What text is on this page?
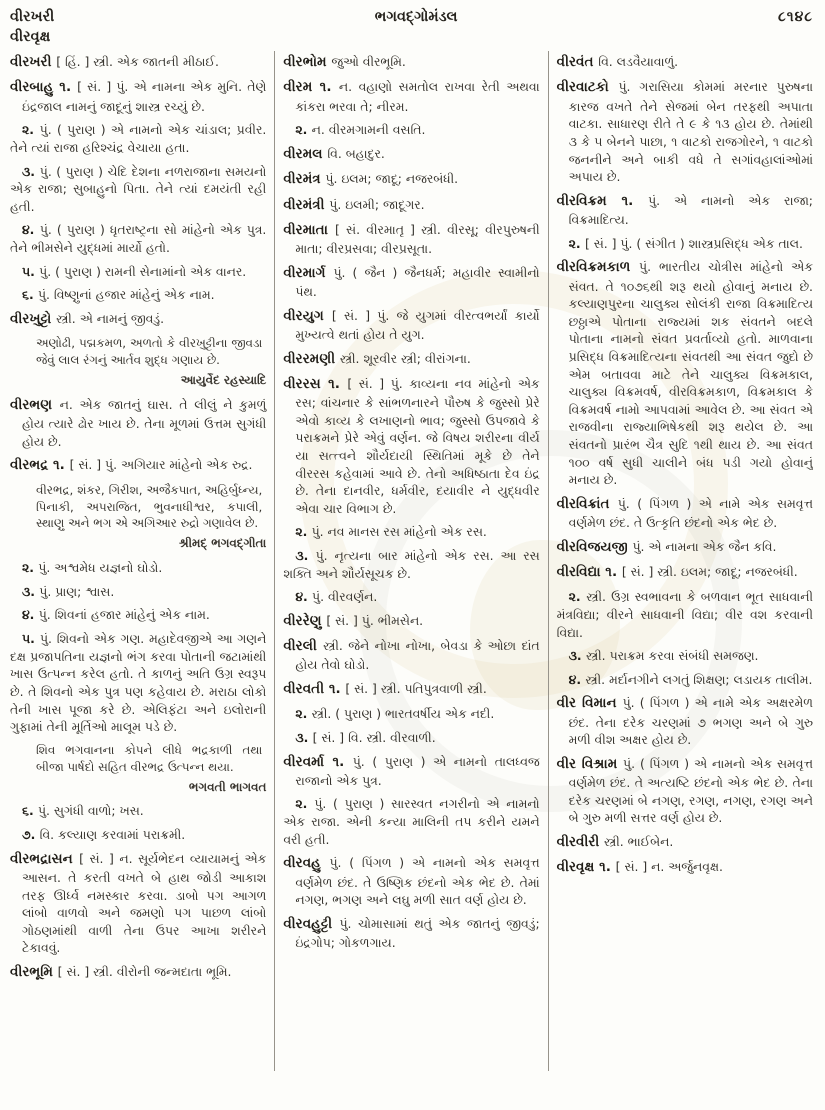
વીરખરી
વીરવૃક્ષ
ભગવદ્ગોમંડલ	૮૧૪૮

વીરખરી [ હિં. ] સ્ત્રી. એક જાતની મીઠાઈ.

વીરબાહુ ૧. [ સં. ] પું. એ નામના એક મુનિ. તેણે ઇંદ્રજાલ નામનું જાદૂનું શાસ્ત્ર રચ્યું છે.

૨. પું. ( પુરાણ ) એ નામનો એક ચાંડાલ; પ્રવીર. તેને ત્યાં રાજા હરિશ્ચંદ્ર વેચાયા હતા.

૩. પું. ( પુરાણ ) ચેદિ દેશના નળરાજાના સમયનો એક રાજા; સુબાહુનો પિતા. તેને ત્યાં દમયંતી રહી હતી.

૪. પું. ( પુરાણ ) ધૃતરાષ્ટ્રના સો માંહેનો એક પુત્ર. તેને ભીમસેને યુદ્ધમાં માર્યો હતો.

૫. પું. ( પુરાણ ) રામની સેનામાંનો એક વાનર.

૬. પું. વિષ્ણુનાં હજાર માંહેનું એક નામ.

વીરખુટ્ટો સ્ત્રી. એ નામનું જીવડું.

અણોઢી, પદ્મકમળ, અળતો કે વીરખુટ્ટીના જીવડા જેવું લાલ રંગનું આર્તવ શુદ્ધ ગણાય છે.

આયુર્વેદ રહસ્યાદિ

વીરભણ ન. એક જાતનું ઘાસ. તે લીલું ને કુમળું હોય ત્યારે ઢોર ખાય છે. તેના મૂળમાં ઉત્તમ સુગંધી હોય છે.

વીરભદ્ર ૧. [ સં. ] પું. અગિયાર માંહેનો એક રુદ્ર.

વીરભદ્ર, શંકર, ગિરીશ, અજૈકપાત, અહિર્બુધ્ન્ય, પિનાકી, અપરાજિત, ભુવનાધીશ્વર, કપાલી, સ્થાણુ અને ભગ એ અગિઆર રુદ્રો ગણાવેલ છે.

શ્રીમદ્ ભગવદ્ગીતા

૨. પું. અશ્વમેધ યજ્ઞનો ઘોડો.

૩. પું. પ્રાણ; શ્વાસ.

૪. પું. શિવનાં હજાર માંહેનું એક નામ.

૫. પું. શિવનો એક ગણ. મહાદેવજીએ આ ગણને દક્ષ પ્રજાપતિના યજ્ઞનો ભંગ કરવા પોતાની જટામાંથી ખાસ ઉત્પન્ન કરેલ હતો. તે કાળનું અતિ ઉગ્ર સ્વરૂપ છે. તે શિવનો એક પુત્ર પણ કહેવાય છે. મરાઠા લોકો તેની ખાસ પૂજા કરે છે. એલિફંટા અને ઇલોરાની ગુફામાં તેની મૂર્તિઓ માલૂમ પડે છે.

શિવ ભગવાનના કોપને લીધે ભદ્રકાળી તથા બીજા પાર્ષદો સહિત વીરભદ્ર ઉત્પન્ન થયા.

ભગવતી ભાગવત

૬. પું. સુગંધી વાળો; ખસ.

૭. વિ. કલ્યાણ કરવામાં પરાક્રમી.

વીરભદ્રાસન [ સં. ] ન. સૂર્યભેદન વ્યાયામનું એક આસન. તે કરતી વખતે બે હાથ જોડી આકાશ તરફ ઊર્ધ્વ નમસ્કાર કરવા. ડાબો પગ આગળ લાંબો વાળવો અને જમણો પગ પાછળ લાંબો ગોઠણમાંથી વાળી તેના ઉપર આખા શરીરને ટેકાવવું.

વીરભૂમિ [ સં. ] સ્ત્રી. વીરોની જન્મદાતા ભૂમિ.

વીરભોમ જુઓ વીરભૂમિ.

વીરમ ૧. ન. વહાણો સમતોલ રાખવા રેતી અથવા કાંકરા ભરવા તે; નીરમ.

૨. ન. વીરમગામની વસતિ.

વીરમલ વિ. બહાદુર.

વીરમંત્ર પું. ઇલમ; જાદૂ; નજરબંધી.

વીરમંત્રી પું. ઇલમી; જાદૂગર.

વીરમાતા [ સં. વીરમાતૃ ] સ્ત્રી. વીરસૂ; વીરપુરુષની માતા; વીરપ્રસવા; વીરપ્રસૂતા.

વીરમાર્ગ પું. ( જૈન ) જૈનધર્મ; મહાવીર સ્વામીનો પંથ.

વીરયુગ [ સં. ] પું. જે યુગમાં વીરત્વભર્યાં કાર્યો મુખ્યત્વે થતાં હોય તે યુગ.

વીરરમણી સ્ત્રી. શૂરવીર સ્ત્રી; વીરાંગના.

વીરરસ ૧. [ સં. ] પું. કાવ્યના નવ માંહેનો એક રસ; વાંચનાર કે સાંભળનારને પૌરુષ કે જુસ્સો પ્રેરે એવો કાવ્ય કે લખાણનો ભાવ; જુસ્સો ઉપજાવે કે પરાક્રમને પ્રેરે એવું વર્ણન. જે વિષય શરીરના વીર્ય યા સત્ત્વને શૌર્યદાયી સ્થિતિમાં મૂકે છે તેને વીરરસ કહેવામાં આવે છે. તેનો અધિષ્ઠાતા દેવ ઇંદ્ર છે. તેના દાનવીર, ધર્મવીર, દયાવીર ને યુદ્ધવીર એવા ચાર વિભાગ છે.

૨. પું. નવ માનસ રસ માંહેનો એક રસ.

૩. પું. નૃત્યના બાર માંહેનો એક રસ. આ રસ શક્તિ અને શૌર્યસૂચક છે.

૪. પું. વીરવર્ણન.

વીરરેણુ [ સં. ] પું. ભીમસેન.

વીરલી સ્ત્રી. જેને નોખા નોખા, બેવડા કે ઓછા દાંત હોય તેવો ઘોડો.

વીરવતી ૧. [ સં. ] સ્ત્રી. પતિપુત્રવાળી સ્ત્રી.

૨. સ્ત્રી. ( પુરાણ ) ભારતવર્ષીય એક નદી.

૩. [ સં. ] વિ. સ્ત્રી. વીરવાળી.

વીરવર્મા ૧. પું. ( પુરાણ ) એ નામનો તાલધ્વજ રાજાનો એક પુત્ર.

૨. પું. ( પુરાણ ) સારસ્વત નગરીનો એ નામનો એક રાજા. એની કન્યા માલિની તપ કરીને યમને વરી હતી.

વીરવહુ પું. ( પિંગળ ) એ નામનો એક સમવૃત્ત વર્ણમેળ છંદ. તે ઉષ્ણિક છંદનો એક ભેદ છે. તેમાં નગણ, ભગણ અને લઘુ મળી સાત વર્ણ હોય છે.

વીરવહુટ્ટી પું. ચોમાસામાં થતું એક જાતનું જીવડું; ઇંદ્રગોપ; ગોકળગાય.

વીરવંત વિ. લડવૈયાવાળું.

વીરવાટકો પું. ગરાસિયા કોમમાં મરનાર પુરુષના કારજ વખતે તેને સેજમાં બેન તરફથી અપાતા વાટકા. સાધારણ રીતે તે ૯ કે ૧૩ હોય છે. તેમાંથી ૩ કે ૫ બેનને પાછા, ૧ વાટકો રાજગોરને, ૧ વાટકો જનનીને અને બાકી વધે તે સગાંવહાલાંઓમાં અપાય છે.

વીરવિક્રમ ૧. પું. એ નામનો એક રાજા; વિક્રમાદિત્ય.

૨. [ સં. ] પું. ( સંગીત ) શાસ્ત્રપ્રસિદ્ધ એક તાલ.

વીરવિક્રમકાળ પું. ભારતીય ચોત્રીસ માંહેનો એક સંવત. તે ૧૦૭૬થી શરૂ થયો હોવાનું મનાય છે. કલ્યાણપુરના ચાલુક્ય સોલંકી રાજા વિક્રમાદિત્ય છઠ્ઠાએ પોતાના રાજ્યમાં શક સંવતને બદલે પોતાના નામનો સંવત પ્રવર્તાવ્યો હતો. માળવાના પ્રસિદ્ધ વિક્રમાદિત્યના સંવતથી આ સંવત જુદો છે એમ બતાવવા માટે તેને ચાલુક્ય વિક્રમકાલ, ચાલુક્ય વિક્રમવર્ષ, વીરવિક્રમકાળ, વિક્રમકાલ કે વિક્રમવર્ષ નામો આપવામાં આવેલ છે. આ સંવત એ રાજવીના રાજ્યાભિષેકથી શરૂ થયેલ છે. આ સંવતનો પ્રારંભ ચૈત્ર સુદિ ૧થી થાય છે. આ સંવત ૧૦૦ વર્ષ સુધી ચાલીને બંધ પડી ગયો હોવાનું મનાય છે.

વીરવિક્રાંત પું. ( પિંગળ ) એ નામે એક સમવૃત્ત વર્ણમેળ છંદ. તે ઉત્કૃતિ છંદનો એક ભેદ છે.

વીરવિજયજી પું. એ નામના એક જૈન કવિ.

વીરવિદ્યા ૧. [ સં. ] સ્ત્રી. ઇલમ; જાદૂ; નજરબંધી.

૨. સ્ત્રી. ઉગ્ર સ્વભાવના કે બળવાન ભૂત સાધવાની મંત્રવિદ્યા; વીરને સાધવાની વિદ્યા; વીર વશ કરવાની વિદ્યા.

૩. સ્ત્રી. પરાક્રમ કરવા સંબંધી સમજણ.

૪. સ્ત્રી. મર્દાનગીને લગતું શિક્ષણ; લડાયક તાલીમ.

વીર વિમાન પું. ( પિંગળ ) એ નામે એક અક્ષરમેળ છંદ. તેના દરેક ચરણમાં ૭ ભગણ અને બે ગુરુ મળી વીશ અક્ષર હોય છે.

વીર વિશ્રામ પું. ( પિંગળ ) એ નામનો એક સમવૃત્ત વર્ણમેળ છંદ. તે અત્યષ્ટિ છંદનો એક ભેદ છે. તેના દરેક ચરણમાં બે નગણ, રગણ, નગણ, રગણ અને બે ગુરુ મળી સત્તર વર્ણ હોય છે.

વીરવીરી સ્ત્રી. ભાઈબેન.

વીરવૃક્ષ ૧. [ સં. ] ન. અર્જુનવૃક્ષ.
